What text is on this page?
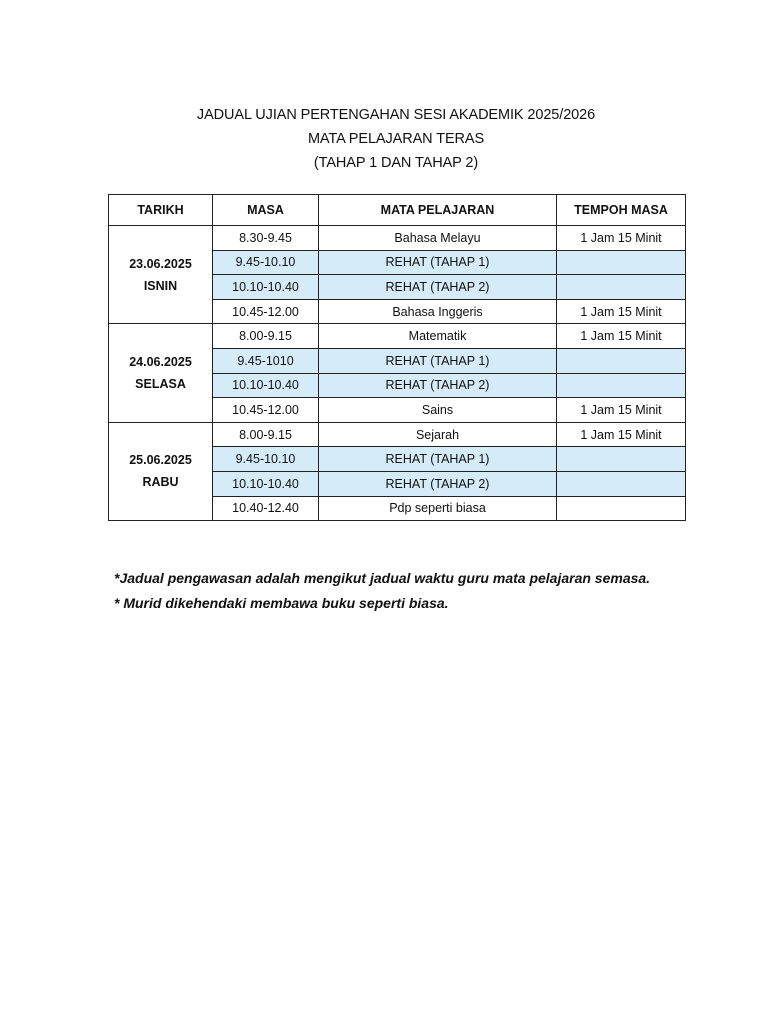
JADUAL UJIAN PERTENGAHAN SESI AKADEMIK 2025/2026
MATA PELAJARAN TERAS
(TAHAP 1 DAN TAHAP 2)
TARIKH	MASA	MATA PELAJARAN	TEMPOH MASA

23.06.2025
ISNIN	8.30-9.45	Bahasa Melayu	1 Jam 15 Minit
	9.45-10.10	REHAT (TAHAP 1)	
	10.10-10.40	REHAT (TAHAP 2)	
	10.45-12.00	Bahasa Inggeris	1 Jam 15 Minit

24.06.2025
SELASA	8.00-9.15	Matematik	1 Jam 15 Minit
	9.45-1010	REHAT (TAHAP 1)	
	10.10-10.40	REHAT (TAHAP 2)	
	10.45-12.00	Sains	1 Jam 15 Minit

25.06.2025
RABU	8.00-9.15	Sejarah	1 Jam 15 Minit
	9.45-10.10	REHAT (TAHAP 1)	
	10.10-10.40	REHAT (TAHAP 2)	
	10.40-12.40	Pdp seperti biasa	
*Jadual pengawasan adalah mengikut jadual waktu guru mata pelajaran semasa.
* Murid dikehendaki membawa buku seperti biasa.
